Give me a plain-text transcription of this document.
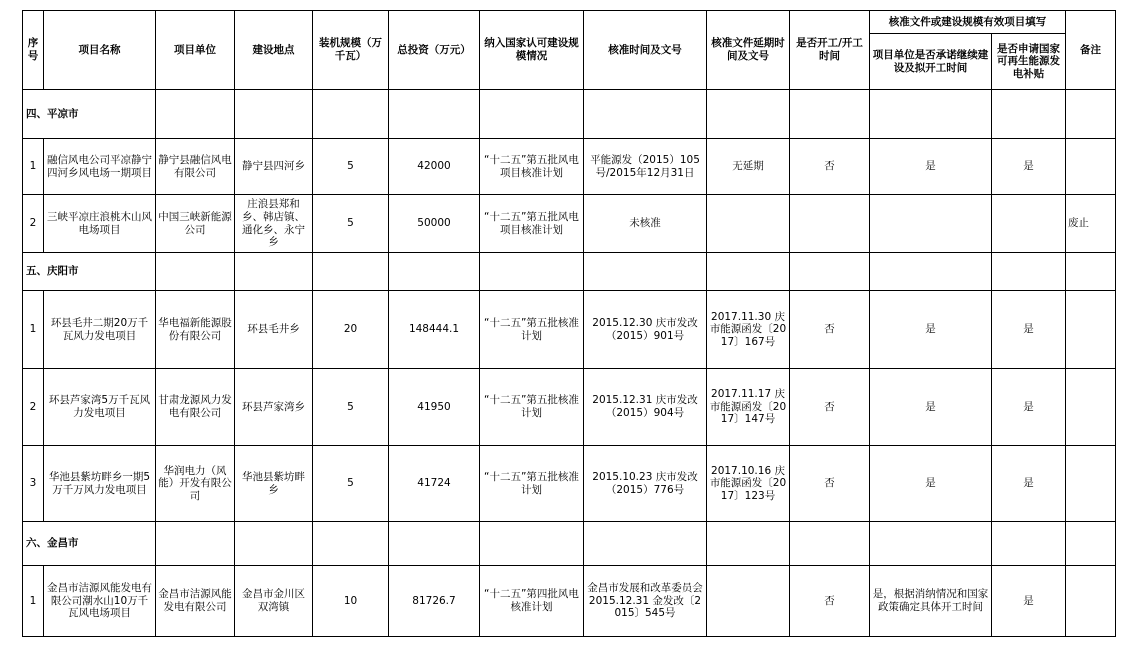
序号	项目名称	项目单位	建设地点	装机规模（万千瓦）	总投资（万元）	纳入国家认可建设规模情况	核准时间及文号	核准文件延期时间及文号	是否开工/开工时间	核准文件或建设规模有效项目填写		备注
										项目单位是否承诺继续建设及拟开工时间	是否申请国家可再生能源发电补贴	
四、平凉市												
1	融信风电公司平凉静宁四河乡风电场一期项目	静宁县融信风电有限公司	静宁县四河乡	5	42000	“十二五”第五批风电项目核准计划	平能源发（2015）105号/2015年12月31日	无延期	否	是	是	
2	三峡平凉庄浪桃木山风电场项目	中国三峡新能源公司	庄浪县郑和乡、韩店镇、通化乡、永宁乡	5	50000	“十二五”第五批风电项目核准计划	未核准					废止
五、庆阳市												
1	环县毛井二期20万千瓦风力发电项目	华电福新能源股份有限公司	环县毛井乡	20	148444.1	“十二五”第五批核准计划	2015.12.30 庆市发改（2015）901号	2017.11.30 庆市能源函发〔2017〕167号	否	是	是	
2	环县芦家湾5万千瓦风力发电项目	甘肃龙源风力发电有限公司	环县芦家湾乡	5	41950	“十二五”第五批核准计划	2015.12.31 庆市发改（2015）904号	2017.11.17 庆市能源函发〔2017〕147号	否	是	是	
3	华池县紫坊畔乡一期5万千万风力发电项目	华润电力（风能）开发有限公司	华池县紫坊畔乡	5	41724	“十二五”第五批核准计划	2015.10.23 庆市发改（2015）776号	2017.10.16 庆市能源函发〔2017〕123号	否	是	是	
六、金昌市												
1	金昌市洁源风能发电有限公司潮水山10万千瓦风电场项目	金昌市洁源风能发电有限公司	金昌市金川区双湾镇	10	81726.7	“十二五”第四批风电核准计划	金昌市发展和改革委员会 2015.12.31 金发改〔2015〕545号		否	是，根据消纳情况和国家政策确定具体开工时间	是	
